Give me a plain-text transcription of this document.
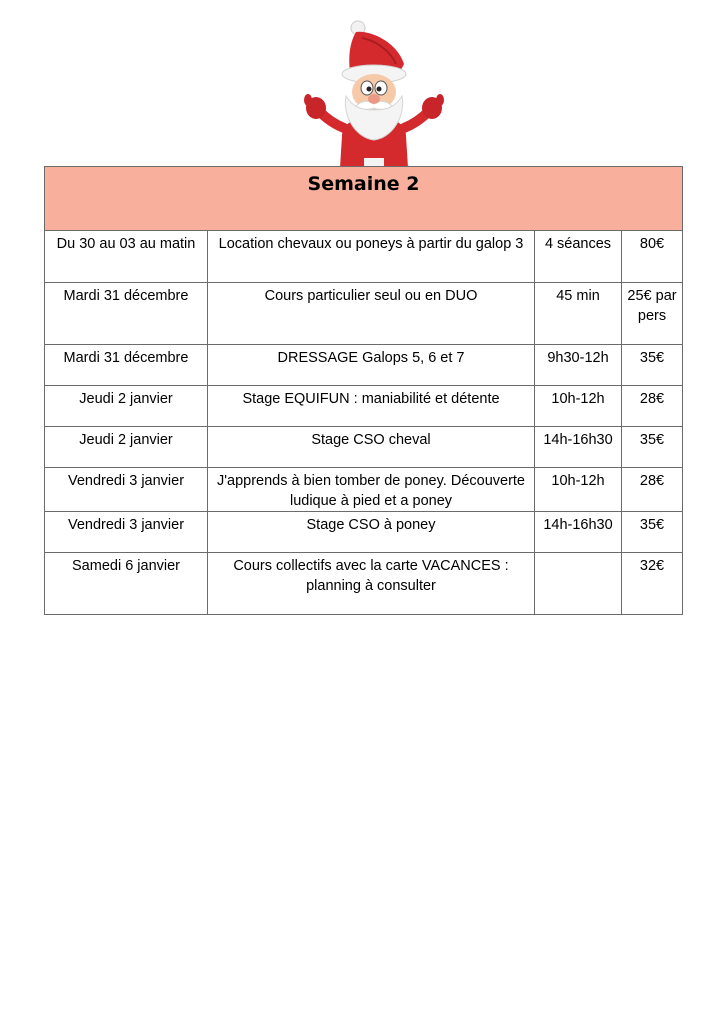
Semaine 2			
Du 30 au 03 au matin	Location chevaux ou poneys à partir du galop 3	4 séances	80€
Mardi 31 décembre	Cours particulier seul ou en DUO	45 min	25€ par pers
Mardi 31 décembre	DRESSAGE Galops 5, 6 et 7	9h30-12h	35€
Jeudi 2 janvier	Stage EQUIFUN : maniabilité et détente	10h-12h	28€
Jeudi 2 janvier	Stage CSO cheval	14h-16h30	35€
Vendredi 3 janvier	J'apprends à bien tomber de poney. Découverte ludique à pied et a poney	10h-12h	28€
Vendredi 3 janvier	Stage CSO à poney	14h-16h30	35€
Samedi 6 janvier	Cours collectifs avec la carte VACANCES : planning à consulter		32€
